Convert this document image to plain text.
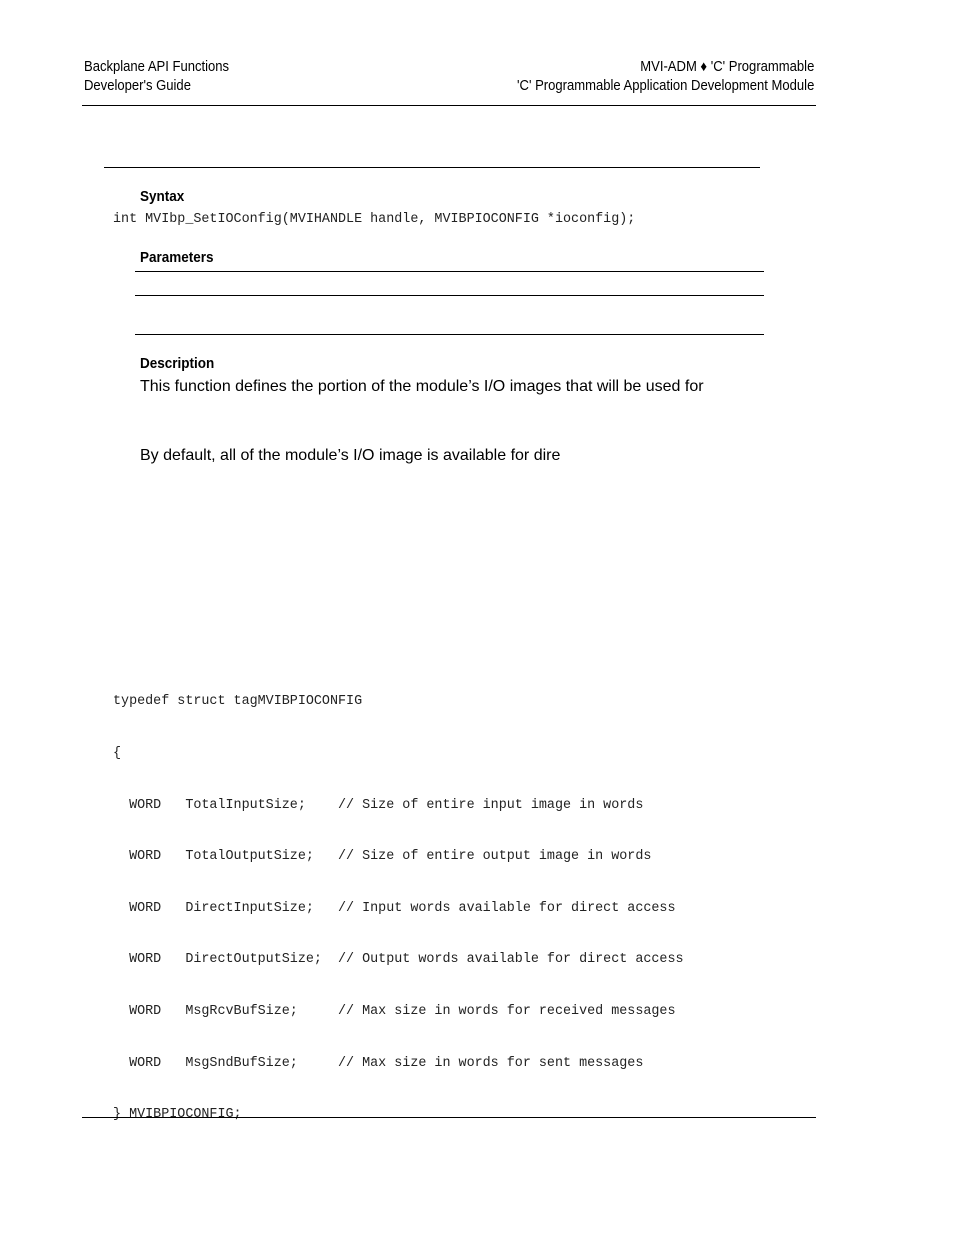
Backplane API Functions
Developer's Guide
MVI-ADM ♦ 'C' Programmable
'C' Programmable Application Development Module
Syntax
int MVIbp_SetIOConfig(MVIHANDLE handle, MVIBPIOCONFIG *ioconfig);
Parameters
Description
This function defines the portion of the module’s I/O images that will be used for
By default, all of the module’s I/O image is available for dire

typedef struct tagMVIBPIOCONFIG

{

WORD   TotalInputSize;    // Size of entire input image in words

WORD   TotalOutputSize;   // Size of entire output image in words

WORD   DirectInputSize;   // Input words available for direct access

WORD   DirectOutputSize;  // Output words available for direct access

WORD   MsgRcvBufSize;     // Max size in words for received messages

WORD   MsgSndBufSize;     // Max size in words for sent messages

} MVIBPIOCONFIG;
